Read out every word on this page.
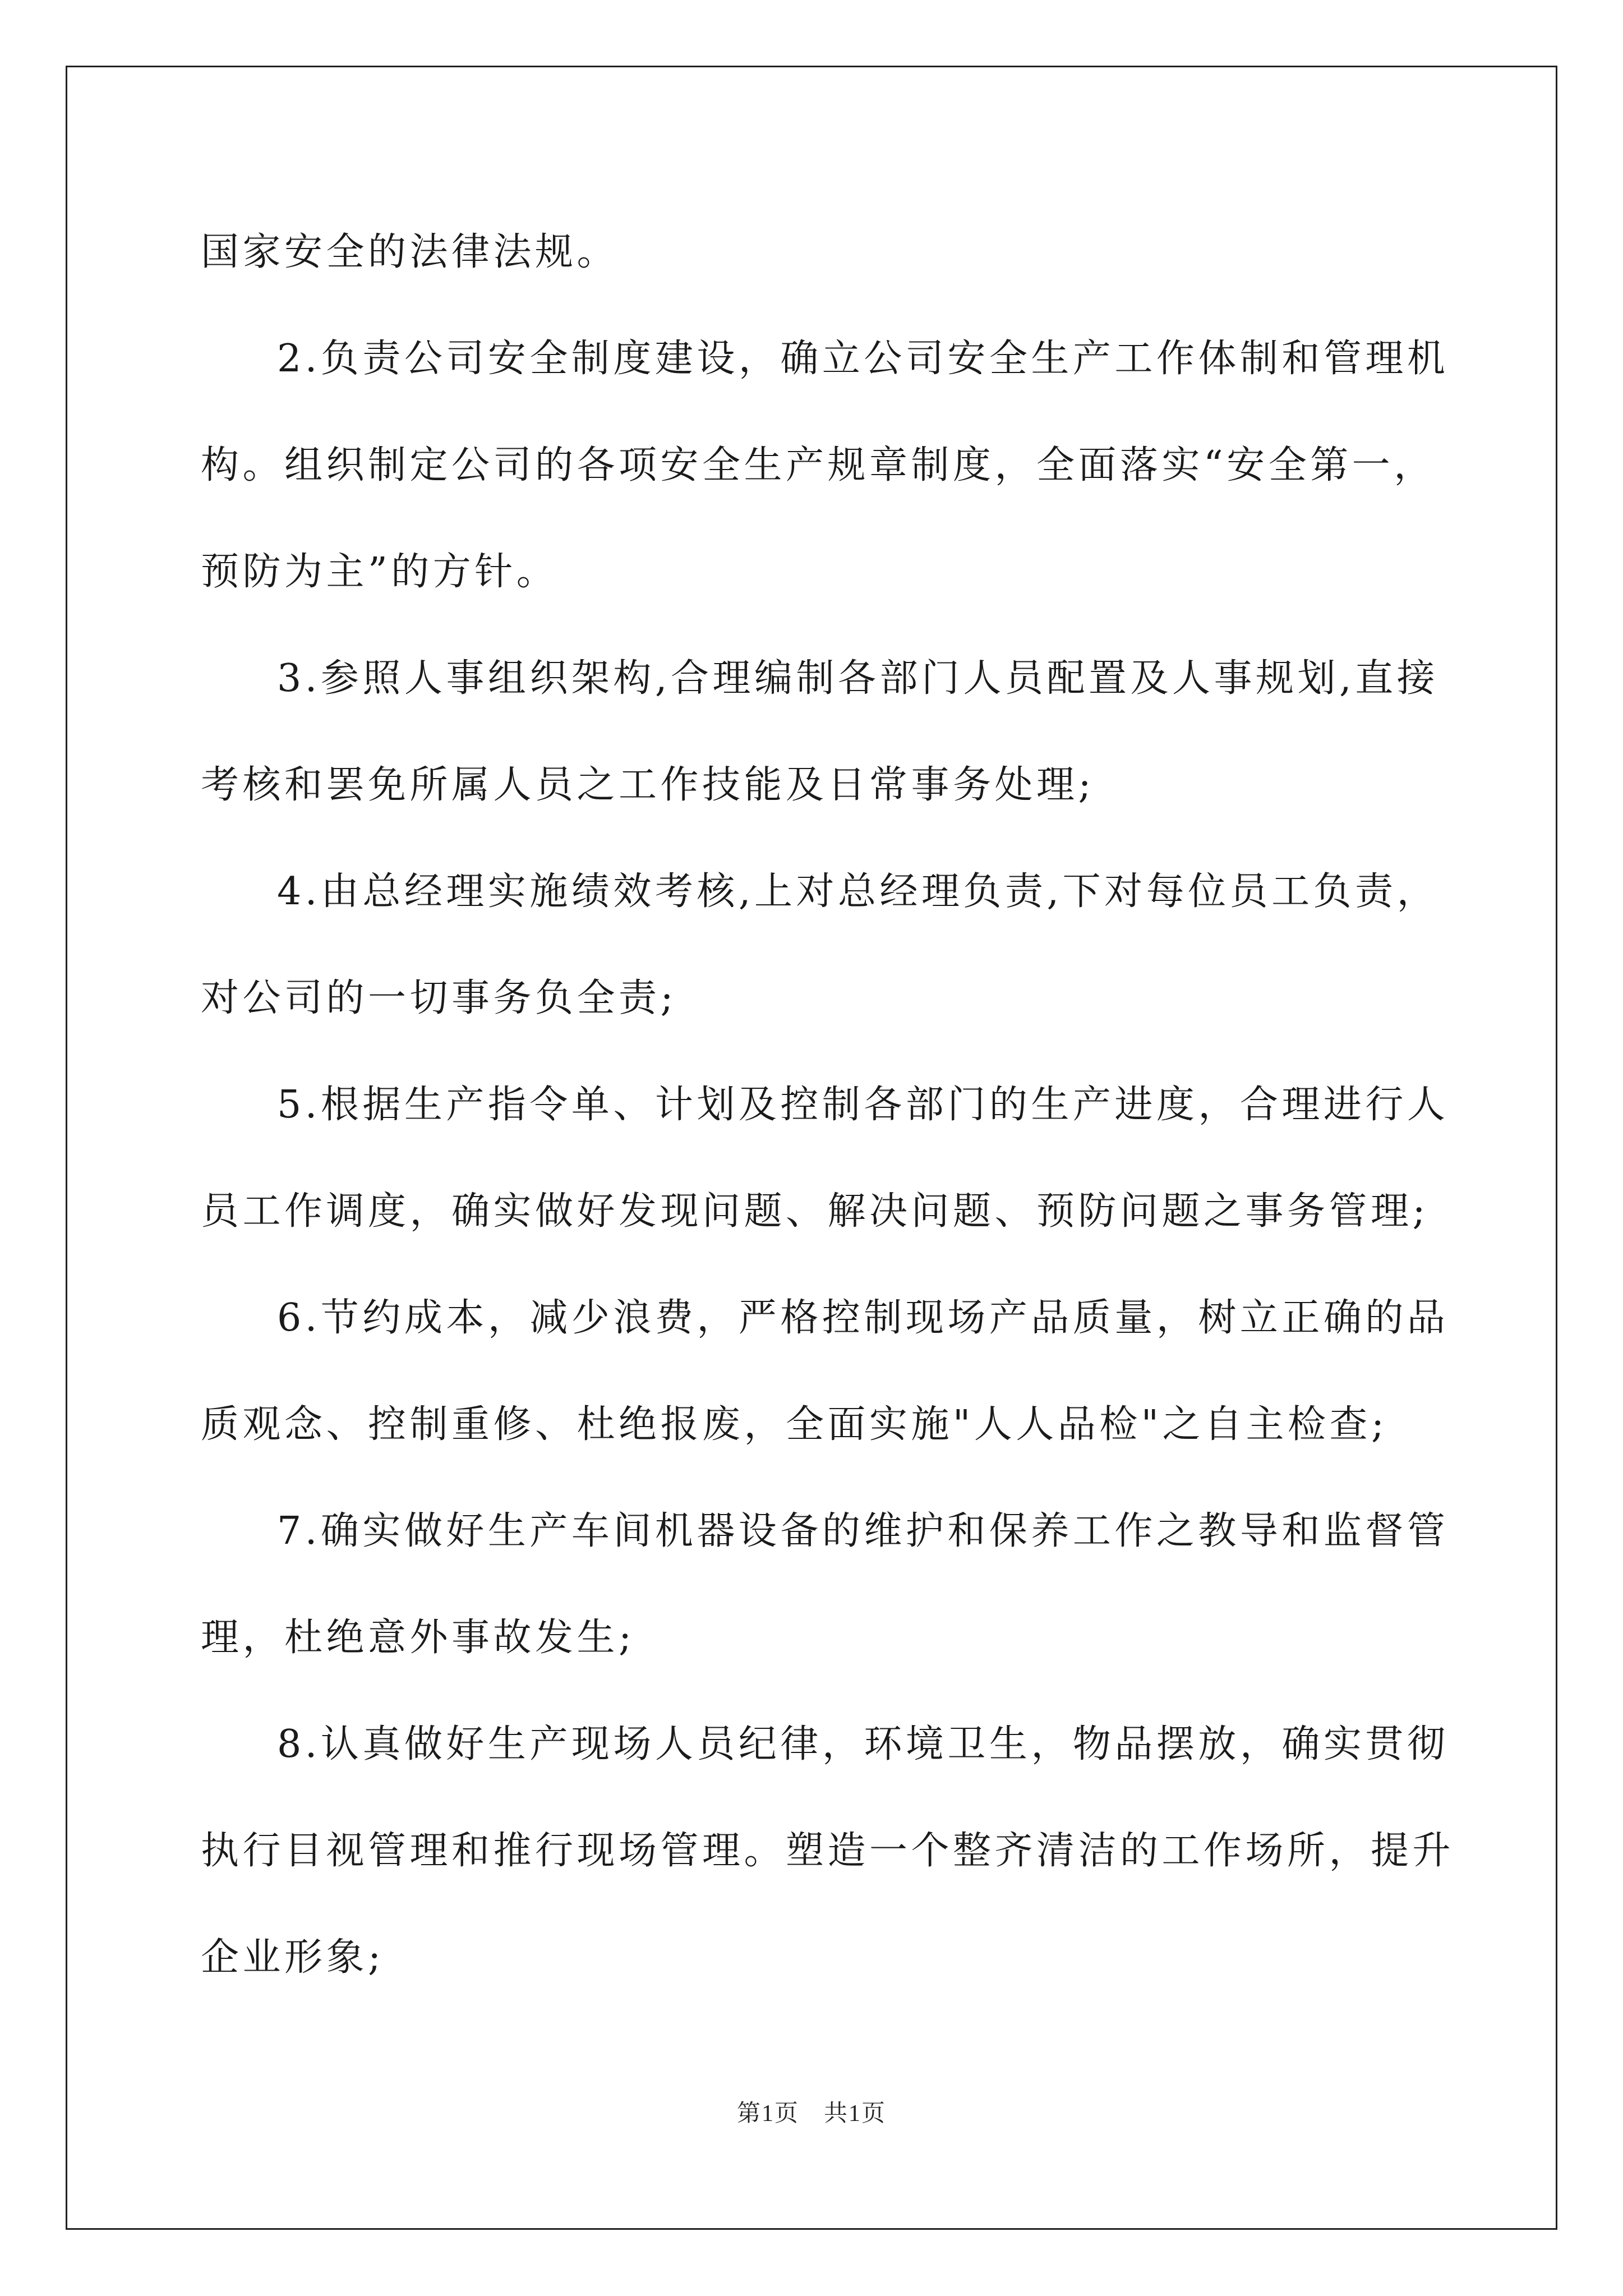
国家安全的法律法规。
2.负责公司安全制度建设，确立公司安全生产工作体制和管理机
构。组织制定公司的各项安全生产规章制度，全面落实“安全第一，
预防为主”的方针。
3.参照人事组织架构,合理编制各部门人员配置及人事规划,直接
考核和罢免所属人员之工作技能及日常事务处理;
4.由总经理实施绩效考核,上对总经理负责,下对每位员工负责，
对公司的一切事务负全责;
5.根据生产指令单、计划及控制各部门的生产进度，合理进行人
员工作调度，确实做好发现问题、解决问题、预防问题之事务管理;
6.节约成本，减少浪费，严格控制现场产品质量，树立正确的品
质观念、控制重修、杜绝报废，全面实施"人人品检"之自主检查;
7.确实做好生产车间机器设备的维护和保养工作之教导和监督管
理，杜绝意外事故发生;
8.认真做好生产现场人员纪律，环境卫生，物品摆放，确实贯彻
执行目视管理和推行现场管理。塑造一个整齐清洁的工作场所，提升
企业形象;
第1页　共1页
